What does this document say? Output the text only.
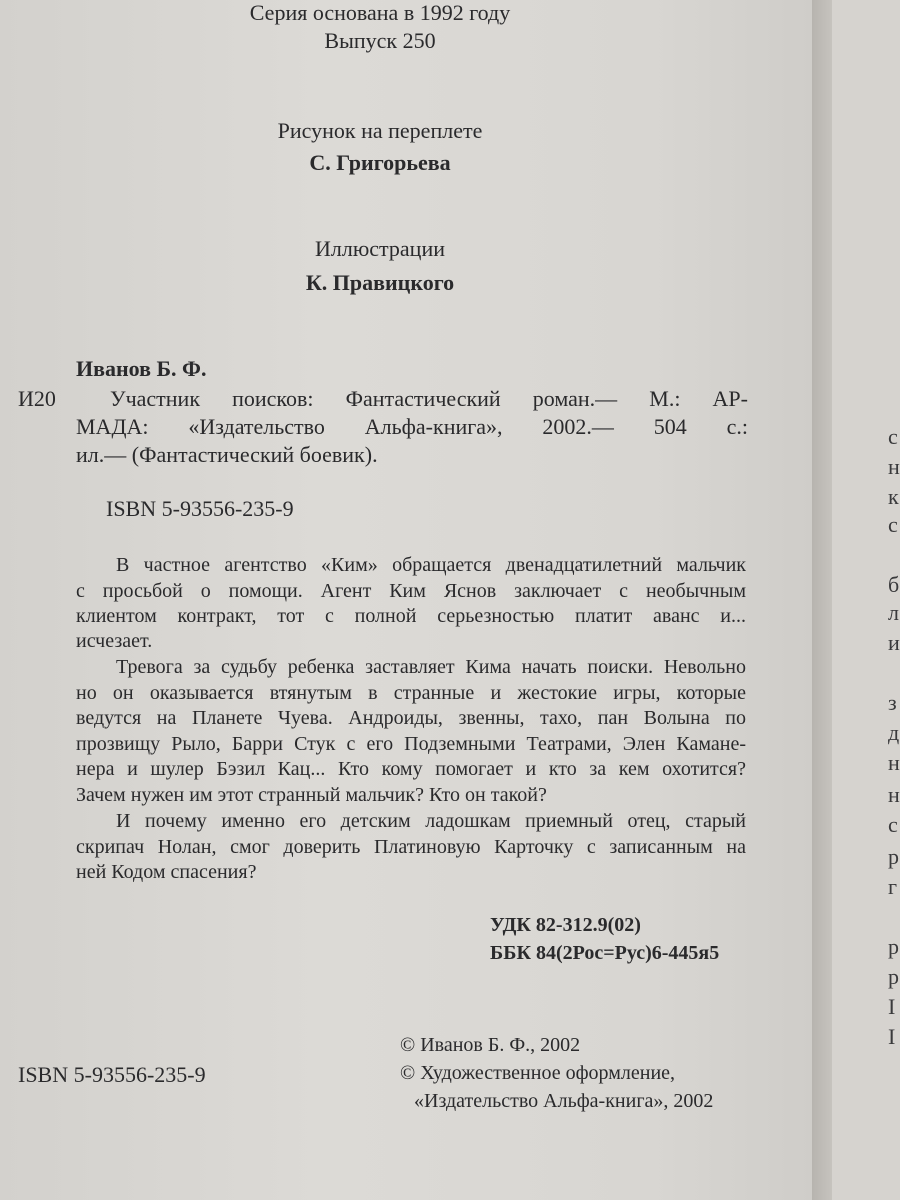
Серия основана в 1992 году
Выпуск 250
Рисунок на переплете
С. Григорьева
Иллюстрации
К. Правицкого
Иванов Б. Ф.
И20 Участник поисков: Фантастический роман.— М.: АР-
МАДА: «Издательство Альфа-книга», 2002.— 504 с.:
ил.— (Фантастический боевик).
ISBN 5-93556-235-9
В частное агентство «Ким» обращается двенадцатилетний мальчик
с просьбой о помощи. Агент Ким Яснов заключает с необычным
клиентом контракт, тот с полной серьезностью платит аванс и...
исчезает.
Тревога за судьбу ребенка заставляет Кима начать поиски. Невольно
но он оказывается втянутым в странные и жестокие игры, которые
ведутся на Планете Чуева. Андроиды, звенны, тахо, пан Волына по
прозвищу Рыло, Барри Стук с его Подземными Театрами, Элен Камане-
нера и шулер Бэзил Кац... Кто кому помогает и кто за кем охотится?
Зачем нужен им этот странный мальчик? Кто он такой?
И почему именно его детским ладошкам приемный отец, старый
скрипач Нолан, смог доверить Платиновую Карточку с записанным на
ней Кодом спасения?
УДК 82-312.9(02)
ББК 84(2Рос=Рус)6-445я5
© Иванов Б. Ф., 2002
ISBN 5-93556-235-9	© Художественное оформление,
«Издательство Альфа-книга», 2002
с
н
к
с
б
л
и
з
д
н
н
с
р
г
р
р
I
I
